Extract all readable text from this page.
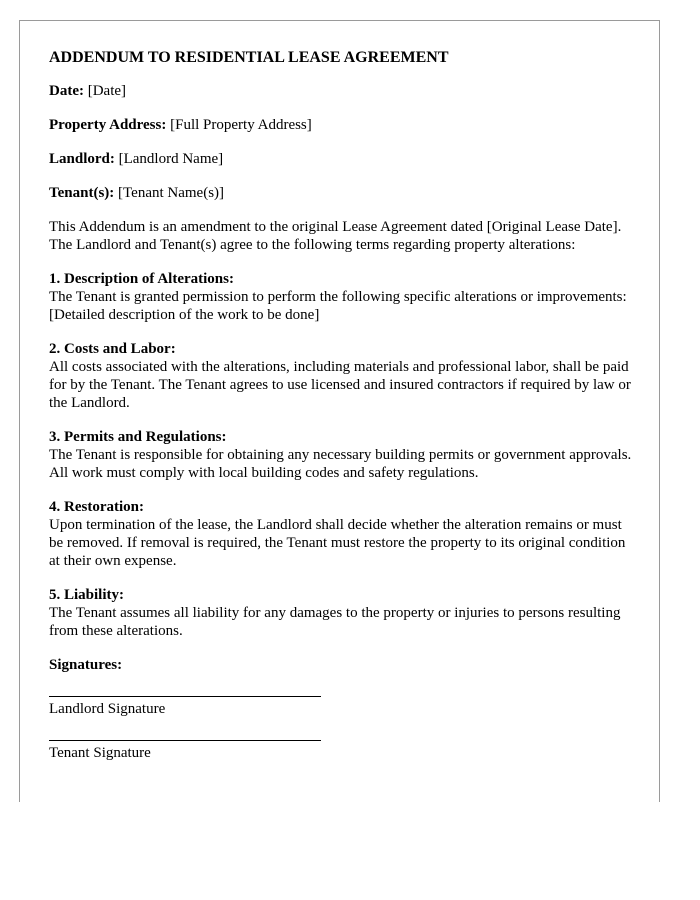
ADDENDUM TO RESIDENTIAL LEASE AGREEMENT
Date: [Date]
Property Address: [Full Property Address]
Landlord: [Landlord Name]
Tenant(s): [Tenant Name(s)]
This Addendum is an amendment to the original Lease Agreement dated [Original Lease Date]. The Landlord and Tenant(s) agree to the following terms regarding property alterations:
1. Description of Alterations:
The Tenant is granted permission to perform the following specific alterations or improvements:
[Detailed description of the work to be done]
2. Costs and Labor:
All costs associated with the alterations, including materials and professional labor, shall be paid for by the Tenant. The Tenant agrees to use licensed and insured contractors if required by law or the Landlord.
3. Permits and Regulations:
The Tenant is responsible for obtaining any necessary building permits or government approvals. All work must comply with local building codes and safety regulations.
4. Restoration:
Upon termination of the lease, the Landlord shall decide whether the alteration remains or must be removed. If removal is required, the Tenant must restore the property to its original condition at their own expense.
5. Liability:
The Tenant assumes all liability for any damages to the property or injuries to persons resulting from these alterations.
Signatures:
Landlord Signature
Tenant Signature
